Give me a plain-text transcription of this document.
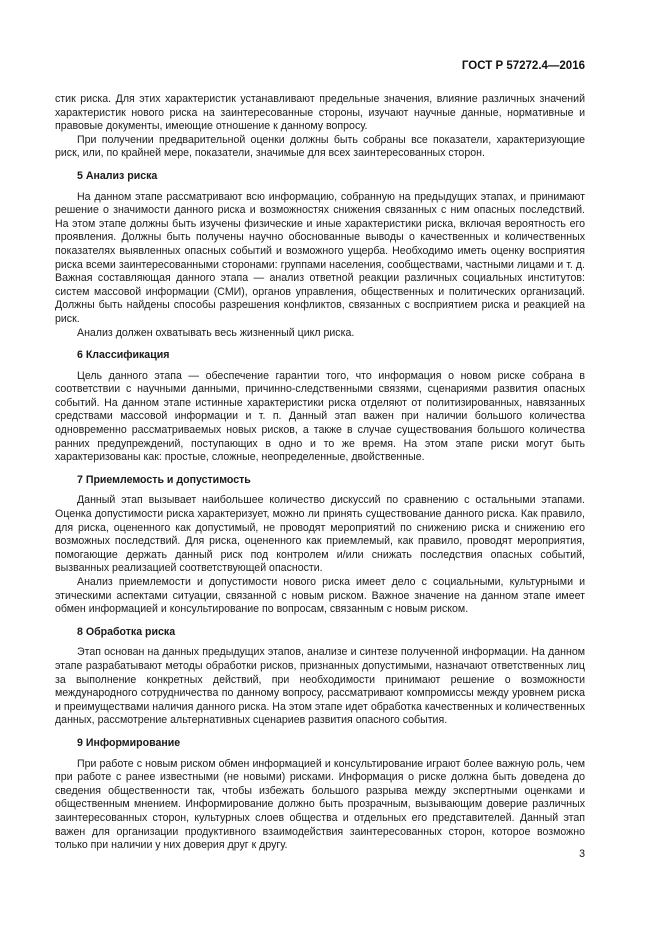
ГОСТ Р 57272.4—2016

стик риска. Для этих характеристик устанавливают предельные значения, влияние различных значений характеристик нового риска на заинтересованные стороны, изучают научные данные, нормативные и правовые документы, имеющие отношение к данному вопросу.

При получении предварительной оценки должны быть собраны все показатели, характеризующие риск, или, по крайней мере, показатели, значимые для всех заинтересованных сторон.

5 Анализ риска

На данном этапе рассматривают всю информацию, собранную на предыдущих этапах, и принимают решение о значимости данного риска и возможностях снижения связанных с ним опасных последствий. На этом этапе должны быть изучены физические и иные характеристики риска, включая вероятность его проявления. Должны быть получены научно обоснованные выводы о качественных и количественных показателях выявленных опасных событий и возможного ущерба. Необходимо иметь оценку восприятия риска всеми заинтересованными сторонами: группами населения, сообществами, частными лицами и т. д. Важная составляющая данного этапа — анализ ответной реакции различных социальных институтов: систем массовой информации (СМИ), органов управления, общественных и политических организаций. Должны быть найдены способы разрешения конфликтов, связанных с восприятием риска и реакцией на риск.

Анализ должен охватывать весь жизненный цикл риска.

6 Классификация

Цель данного этапа — обеспечение гарантии того, что информация о новом риске собрана в соответствии с научными данными, причинно-следственными связями, сценариями развития опасных событий. На данном этапе истинные характеристики риска отделяют от политизированных, навязанных средствами массовой информации и т. п. Данный этап важен при наличии большого количества одновременно рассматриваемых новых рисков, а также в случае существования большого количества ранних предупреждений, поступающих в одно и то же время. На этом этапе риски могут быть характеризованы как: простые, сложные, неопределенные, двойственные.

7 Приемлемость и допустимость

Данный этап вызывает наибольшее количество дискуссий по сравнению с остальными этапами. Оценка допустимости риска характеризует, можно ли принять существование данного риска. Как правило, для риска, оцененного как допустимый, не проводят мероприятий по снижению риска и снижению его возможных последствий. Для риска, оцененного как приемлемый, как правило, проводят мероприятия, помогающие держать данный риск под контролем и/или снижать последствия опасных событий, вызванных реализацией соответствующей опасности.

Анализ приемлемости и допустимости нового риска имеет дело с социальными, культурными и этическими аспектами ситуации, связанной с новым риском. Важное значение на данном этапе имеет обмен информацией и консультирование по вопросам, связанным с новым риском.

8 Обработка риска

Этап основан на данных предыдущих этапов, анализе и синтезе полученной информации. На данном этапе разрабатывают методы обработки рисков, признанных допустимыми, назначают ответственных лиц за выполнение конкретных действий, при необходимости принимают решение о возможности международного сотрудничества по данному вопросу, рассматривают компромиссы между уровнем риска и преимуществами наличия данного риска. На этом этапе идет обработка качественных и количественных данных, рассмотрение альтернативных сценариев развития опасного события.

9 Информирование

При работе с новым риском обмен информацией и консультирование играют более важную роль, чем при работе с ранее известными (не новыми) рисками. Информация о риске должна быть доведена до сведения общественности так, чтобы избежать большого разрыва между экспертными оценками и общественным мнением. Информирование должно быть прозрачным, вызывающим доверие различных заинтересованных сторон, культурных слоев общества и отдельных его представителей. Данный этап важен для организации продуктивного взаимодействия заинтересованных сторон, которое возможно только при наличии у них доверия друг к другу.

3
